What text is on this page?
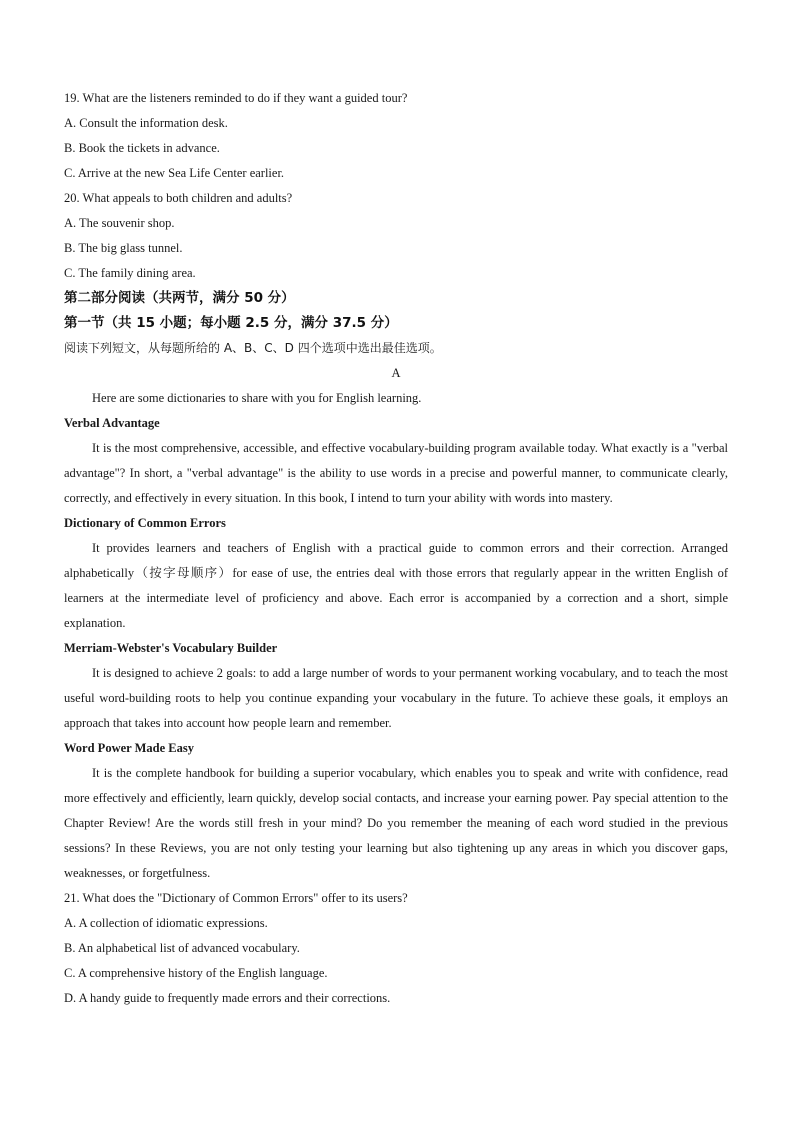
19. What are the listeners reminded to do if they want a guided tour?
A. Consult the information desk.
B. Book the tickets in advance.
C. Arrive at the new Sea Life Center earlier.
20. What appeals to both children and adults?
A. The souvenir shop.
B. The big glass tunnel.
C. The family dining area.
第二部分阅读（共两节，满分 50 分）
第一节（共 15 小题；每小题 2.5 分，满分 37.5 分）
阅读下列短文，从每题所给的 A、B、C、D 四个选项中选出最佳选项。
A
Here are some dictionaries to share with you for English learning.
Verbal Advantage
It is the most comprehensive, accessible, and effective vocabulary-building program available today. What exactly is a "verbal advantage"? In short, a "verbal advantage" is the ability to use words in a precise and powerful manner, to communicate clearly, correctly, and effectively in every situation. In this book, I intend to turn your ability with words into mastery.
Dictionary of Common Errors
It provides learners and teachers of English with a practical guide to common errors and their correction. Arranged alphabetically（按字母顺序）for ease of use, the entries deal with those errors that regularly appear in the written English of learners at the intermediate level of proficiency and above. Each error is accompanied by a correction and a short, simple explanation.
Merriam-Webster's Vocabulary Builder
It is designed to achieve 2 goals: to add a large number of words to your permanent working vocabulary, and to teach the most useful word-building roots to help you continue expanding your vocabulary in the future. To achieve these goals, it employs an approach that takes into account how people learn and remember.
Word Power Made Easy
It is the complete handbook for building a superior vocabulary, which enables you to speak and write with confidence, read more effectively and efficiently, learn quickly, develop social contacts, and increase your earning power. Pay special attention to the Chapter Review! Are the words still fresh in your mind? Do you remember the meaning of each word studied in the previous sessions? In these Reviews, you are not only testing your learning but also tightening up any areas in which you discover gaps, weaknesses, or forgetfulness.
21. What does the "Dictionary of Common Errors" offer to its users?
A. A collection of idiomatic expressions.
B. An alphabetical list of advanced vocabulary.
C. A comprehensive history of the English language.
D. A handy guide to frequently made errors and their corrections.
